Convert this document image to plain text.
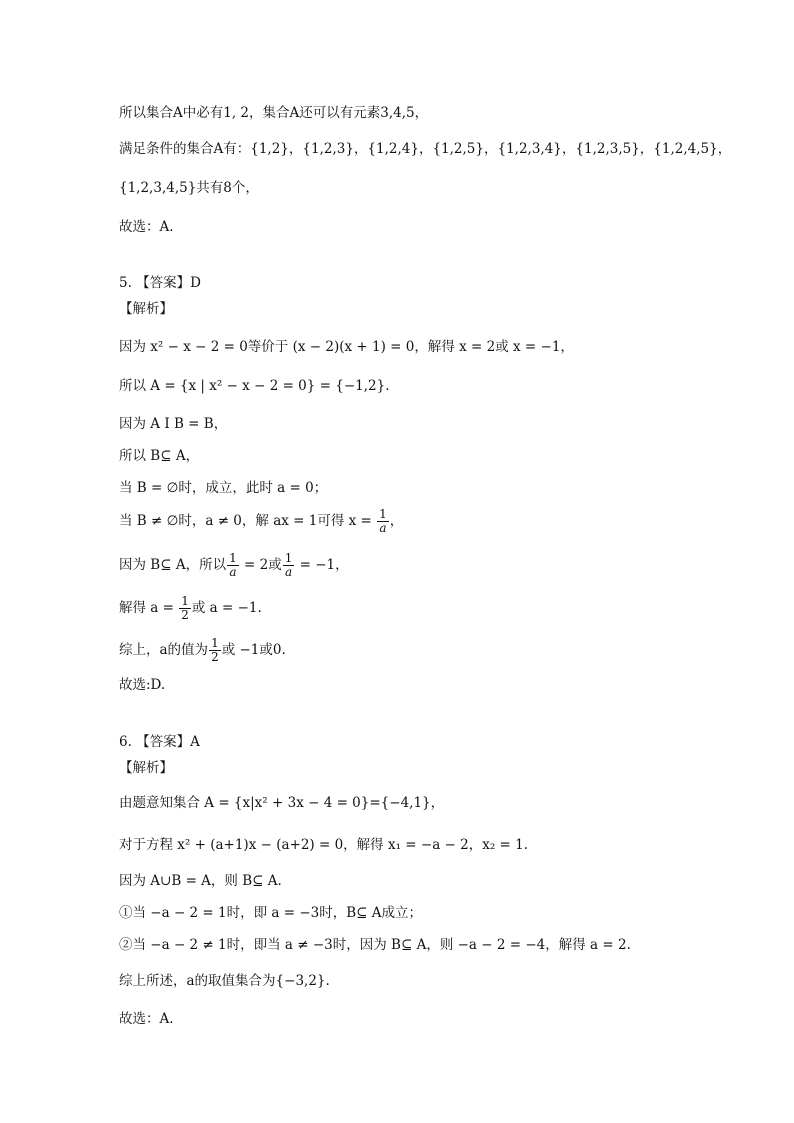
所以集合A中必有1, 2，集合A还可以有元素3,4,5，
满足条件的集合A有：{1,2}，{1,2,3}，{1,2,4}，{1,2,5}，{1,2,3,4}，{1,2,3,5}，{1,2,4,5}，
{1,2,3,4,5}共有8个，
故选：A.
5. 【答案】D
【解析】
因为 x² − x − 2 = 0等价于 (x − 2)(x + 1) = 0，解得 x = 2或 x = −1，
所以 A = {x | x² − x − 2 = 0} = {−1,2}.
因为 A I B = B，
所以 B⊆ A，
当 B = ∅时，成立，此时 a = 0；
当 B ≠ ∅时，a ≠ 0，解 ax = 1可得 $x = \frac{1}{a}$ ，
因为 B⊆ A，所以 $\frac{1}{a} = 2$或 $\frac{1}{a} = -1$，
解得 $a = \frac{1}{2}$ 或 a = −1.
综上，a的值为 $\frac{1}{2}$ 或 −1或0.
故选:D.
6. 【答案】A
【解析】
由题意知集合 A = {x|x² + 3x − 4 = 0}={−4,1}，
对于方程 x² + (a+1)x − (a+2) = 0，解得 x₁ = −a − 2，x₂ = 1.
因为 A∪B = A，则 B⊆ A.
①当 −a − 2 = 1时，即 a = −3时，B⊆ A成立；
②当 −a − 2 ≠ 1时，即当 a ≠ −3时，因为 B⊆ A，则 −a − 2 = −4，解得 a = 2.
综上所述，a的取值集合为{−3,2}.
故选：A.
